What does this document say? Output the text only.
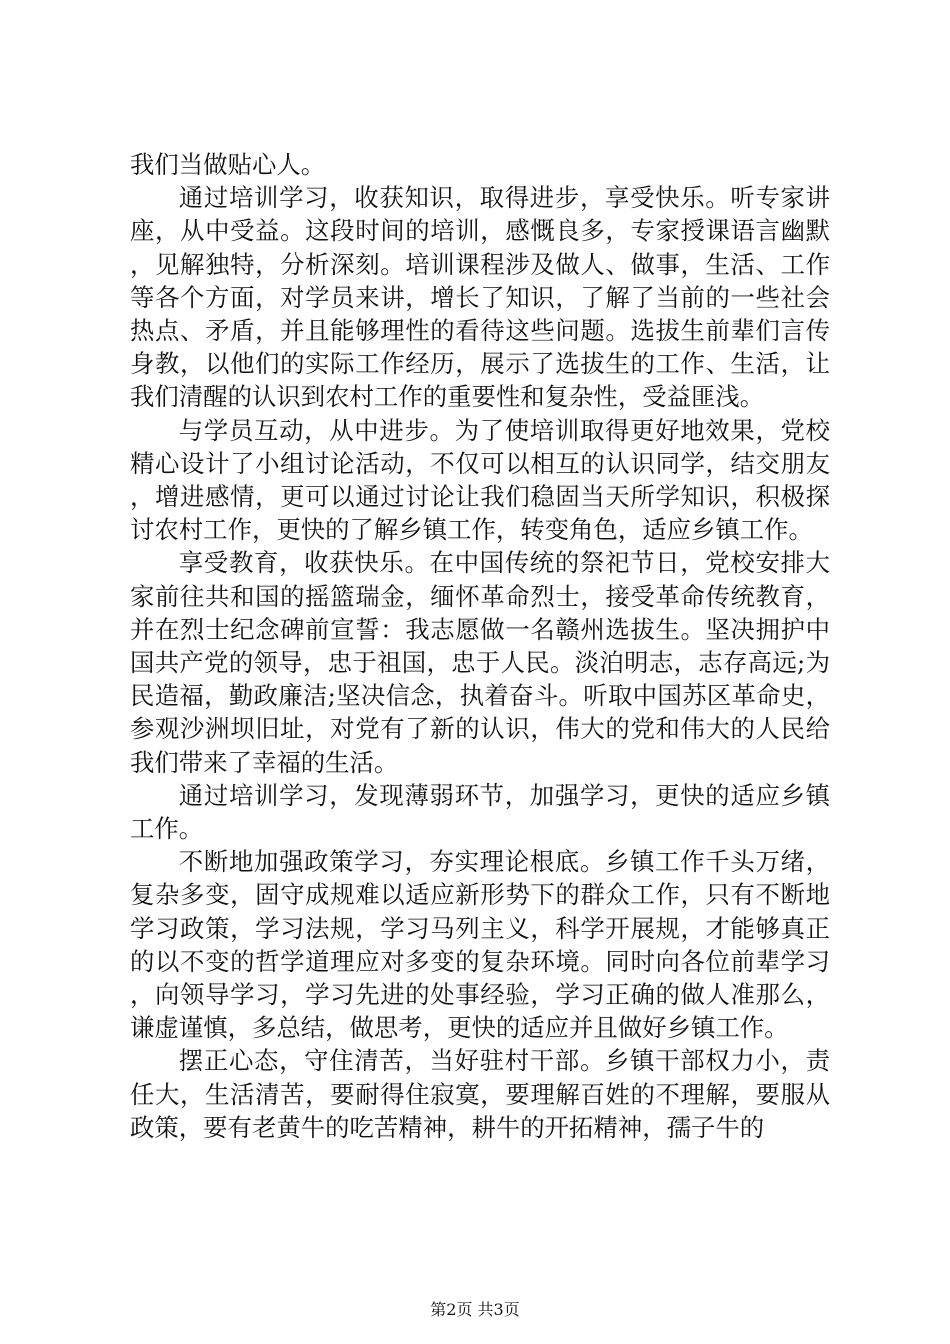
我们当做贴心人。

通过培训学习，收获知识，取得进步，享受快乐。听专家讲座，从中受益。这段时间的培训，感慨良多，专家授课语言幽默，见解独特，分析深刻。培训课程涉及做人、做事，生活、工作等各个方面，对学员来讲，增长了知识，了解了当前的一些社会热点、矛盾，并且能够理性的看待这些问题。选拔生前辈们言传身教，以他们的实际工作经历，展示了选拔生的工作、生活，让我们清醒的认识到农村工作的重要性和复杂性，受益匪浅。

与学员互动，从中进步。为了使培训取得更好地效果，党校精心设计了小组讨论活动，不仅可以相互的认识同学，结交朋友，增进感情，更可以通过讨论让我们稳固当天所学知识，积极探讨农村工作，更快的了解乡镇工作，转变角色，适应乡镇工作。

享受教育，收获快乐。在中国传统的祭祀节日，党校安排大家前往共和国的摇篮瑞金，缅怀革命烈士，接受革命传统教育，并在烈士纪念碑前宣誓：我志愿做一名赣州选拔生。坚决拥护中国共产党的领导，忠于祖国，忠于人民。淡泊明志，志存高远;为民造福，勤政廉洁;坚决信念，执着奋斗。听取中国苏区革命史，参观沙洲坝旧址，对党有了新的认识，伟大的党和伟大的人民给我们带来了幸福的生活。

通过培训学习，发现薄弱环节，加强学习，更快的适应乡镇工作。

不断地加强政策学习，夯实理论根底。乡镇工作千头万绪，复杂多变，固守成规难以适应新形势下的群众工作，只有不断地学习政策，学习法规，学习马列主义，科学开展规，才能够真正的以不变的哲学道理应对多变的复杂环境。同时向各位前辈学习，向领导学习，学习先进的处事经验，学习正确的做人准那么，谦虚谨慎，多总结，做思考，更快的适应并且做好乡镇工作。

摆正心态，守住清苦，当好驻村干部。乡镇干部权力小，责任大，生活清苦，要耐得住寂寞，要理解百姓的不理解，要服从政策，要有老黄牛的吃苦精神，耕牛的开拓精神，孺子牛的

第2页 共3页
